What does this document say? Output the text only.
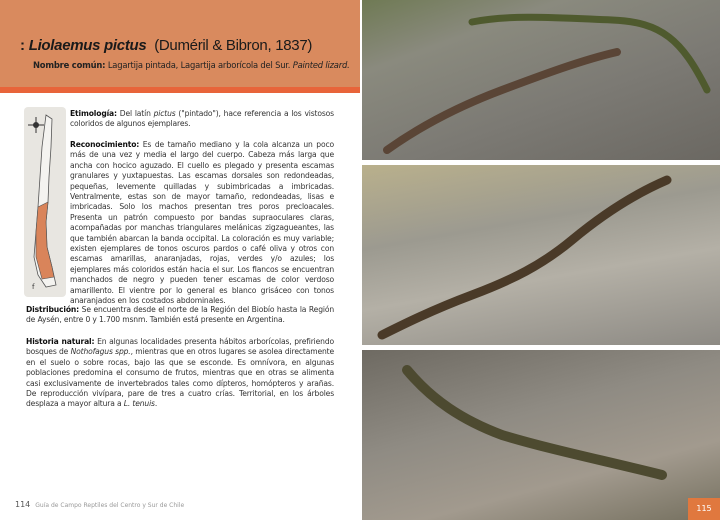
: Liolaemus pictus (Duméril & Bibron, 1837)
Nombre común: Lagartija pintada, Lagartija arborícola del Sur. Painted lizard.
f

Etimología: Del latín pictus ("pintado"), hace referencia a los vistosos coloridos de algunos ejemplares.

Reconocimiento: Es de tamaño mediano y la cola alcanza un poco más de una vez y media el largo del cuerpo. Cabeza más larga que ancha con hocico aguzado. El cuello es plegado y presenta escamas granulares y yuxtapuestas. Las escamas dorsales son redondeadas, pequeñas, levemente quilladas y subimbricadas a imbricadas. Ventralmente, estas son de mayor tamaño, redondeadas, lisas e imbricadas. Solo los machos presentan tres poros precloacales. Presenta un patrón compuesto por bandas supraoculares claras, acompañadas por manchas triangulares melánicas zigzagueantes, las que también abarcan la banda occipital. La coloración es muy variable; existen ejemplares de tonos oscuros pardos o café oliva y otros con escamas amarillas, anaranjadas, rojas, verdes y/o azules; los ejemplares más coloridos están hacia el sur. Los flancos se encuentran manchados de negro y pueden tener escamas de color verdoso amarillento. El vientre por lo general es blanco grisáceo con tonos anaranjados en los costados abdominales.

Distribución: Se encuentra desde el norte de la Región del Biobío hasta la Región de Aysén, entre 0 y 1.700 msnm. También está presente en Argentina.

Historia natural: En algunas localidades presenta hábitos arborícolas, prefiriendo bosques de Nothofagus spp., mientras que en otros lugares se asolea directamente en el suelo o sobre rocas, bajo las que se esconde. Es omnívora, en algunas poblaciones predomina el consumo de frutos, mientras que en otras se alimenta casi exclusivamente de invertebrados tales como dípteros, homópteros y arañas. De reproducción vivípara, pare de tres a cuatro crías. Territorial, en los árboles desplaza a mayor altura a L. tenuis.

114 Guía de Campo Reptiles del Centro y Sur de Chile	115
